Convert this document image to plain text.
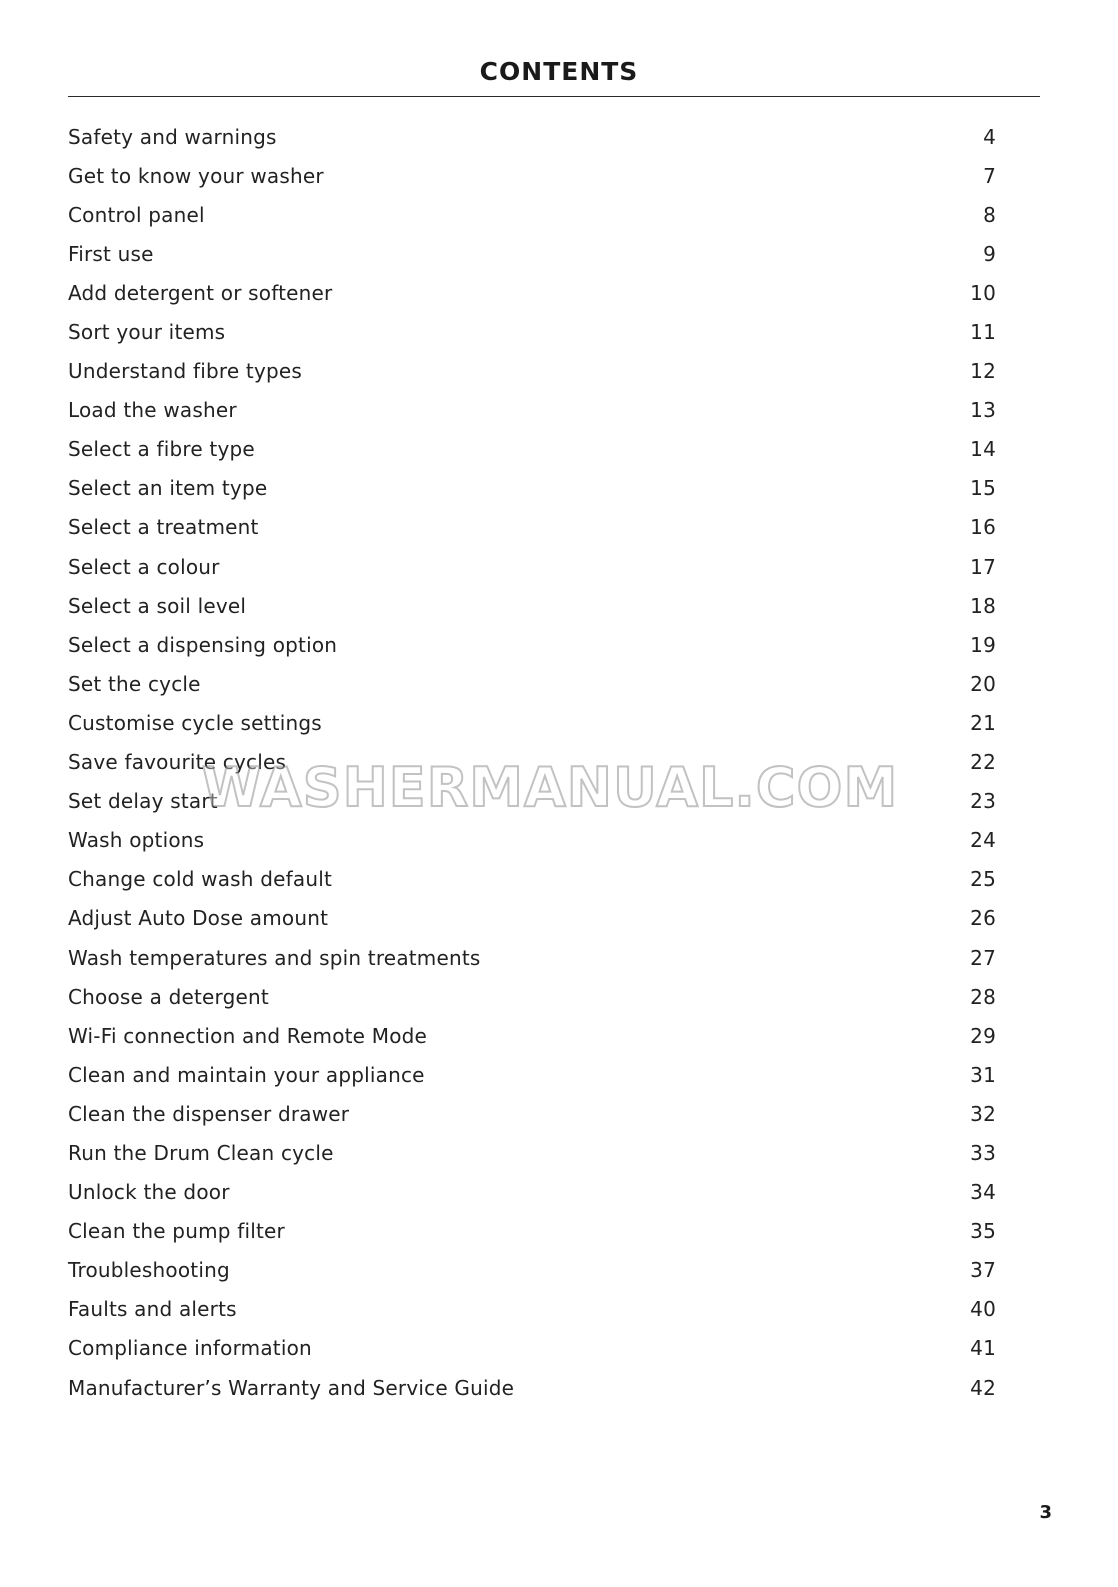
CONTENTS
Safety and warnings	4
Get to know your washer	7
Control panel	8
First use	9
Add detergent or softener	10
Sort your items	11
Understand fibre types	12
Load the washer	13
Select a fibre type	14
Select an item type	15
Select a treatment	16
Select a colour	17
Select a soil level	18
Select a dispensing option	19
Set the cycle	20
Customise cycle settings	21
Save favourite cycles	22
Set delay start	23
Wash options	24
Change cold wash default	25
Adjust Auto Dose amount	26
Wash temperatures and spin treatments	27
Choose a detergent	28
Wi-Fi connection and Remote Mode	29
Clean and maintain your appliance	31
Clean the dispenser drawer	32
Run the Drum Clean cycle	33
Unlock the door	34
Clean the pump filter	35
Troubleshooting	37
Faults and alerts	40
Compliance information	41
Manufacturer’s Warranty and Service Guide	42
WASHERMANUAL.COM
3
